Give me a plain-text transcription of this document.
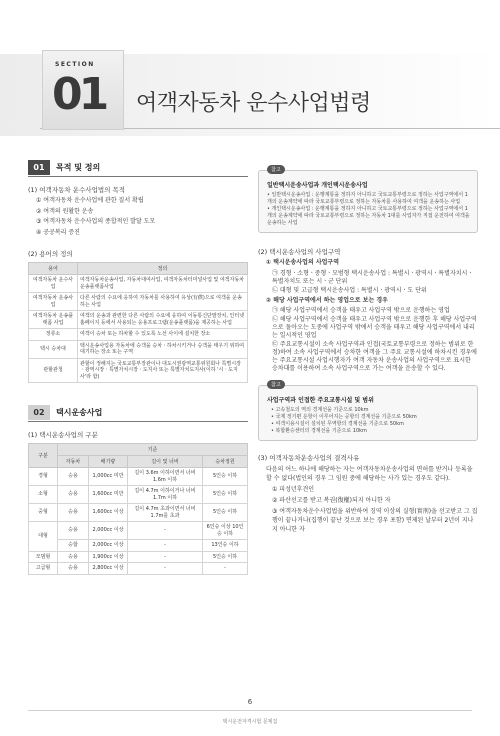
SECTION
01 여객자동차 운수사업법령
01	목적 및 정의
(1) 여객자동차 운수사업법의 목적
① 여객자동차 운수사업에 관한 질서 확립
② 여객의 원활한 운송
③ 여객자동차 운수사업의 종합적인 발달 도모
④ 공공복리 증진
(2) 용어의 정의
용어	정의
여객자동차 운수사업	여객자동차운송사업, 자동차대여사업, 여객자동차터미널사업 및 여객자동차운송플랫폼사업
여객자동차 운송사업	다른 사람의 수요에 응하여 자동차를 사용하여 유상(有償)으로 여객을 운송하는 사업
여객자동차 운송플랫폼 사업	여객의 운송과 관련한 다른 사람의 수요에 응하여 이동통신단말장치, 인터넷 홈페이지 등에서 사용되는 응용프로그램(운송플랫폼)을 제공하는 사업
정류소	여객이 승차 또는 하차할 수 있도록 노선 사이에 설치한 장소
택시 승차대	택시운송사업용 자동차에 승객을 승차ㆍ하차시키거나 승객을 태우기 위하여 대기하는 장소 또는 구역
관할관청	관할이 정해지는 국토교통부장관이나 대도시권광역교통위원회나 특별시장ㆍ광역시장ㆍ특별자치시장ㆍ도지사 또는 특별자치도지사(이하 '시ㆍ도지사'라 함)
02	택시운송사업
(1) 택시운송사업의 구분
구분	기준			
	자동차	배기량	길이 및 너비	승차정원
경형	승용	1,000cc 미만	길이 3.6m 이하이면서 너비 1.6m 이하	5인승 이하
소형	승용	1,600cc 미만	길이 4.7m 이하이거나 너비 1.7m 이하	5인승 이하
중형	승용	1,600cc 이상	길이 4.7m 초과이면서 너비 1.7m를 초과	5인승 이하
대형	승용	2,000cc 이상	-	6인승 이상 10인승 이하
	승합	2,000cc 이상	-	13인승 이하
모범형	승용	1,900cc 이상	-	5인승 이하
고급형	승용	2,800cc 이상	-	-
참고
일반택시운송사업과 개인택시운송사업
• 일반택시운송사업 : 운행계통을 정하지 아니하고 국토교통부령으로 정하는 사업구역에서 1개의 운송계약에 따라 국토교통부령으로 정하는 자동차를 사용하여 여객을 운송하는 사업
• 개인택시운송사업 : 운행계통을 정하지 아니하고 국토교통부령으로 정하는 사업구역에서 1개의 운송계약에 따라 국토교통부령으로 정하는 자동차 1대를 사업자가 직접 운전하여 여객을 운송하는 사업
(2) 택시운송사업의 사업구역
① 택시운송사업의 사업구역
㉠ 경형ㆍ소형ㆍ중형ㆍ모범형 택시운송사업 : 특별시ㆍ광역시ㆍ특별자치시ㆍ특별자치도 또는 시ㆍ군 단위
㉡ 대형 및 고급형 택시운송사업 : 특별시ㆍ광역시ㆍ도 단위
② 해당 사업구역에서 하는 영업으로 보는 경우
㉠ 해당 사업구역에서 승객을 태우고 사업구역 밖으로 운행하는 영업
㉡ 해당 사업구역에서 승객을 태우고 사업구역 밖으로 운행한 후 해당 사업구역으로 돌아오는 도중에 사업구역 밖에서 승객을 태우고 해당 사업구역에서 내리는 일시적인 영업
㉢ 주요교통시설이 소속 사업구역과 인접(국토교통부령으로 정하는 범위로 한정)하여 소속 사업구역에서 승차한 여객을 그 주요 교통시설에 하차시킨 경우에는 주요교통시설 사업시행자가 여객 자동차 운송사업의 사업구역으로 표시한 승차대를 이용하여 소속 사업구역으로 가는 여객을 운송할 수 있다.
참고
사업구역과 인접한 주요교통시설 및 범위
• 고속철도의 역의 경계선을 기준으로 10km
• 국제 정기편 운항이 이루어지는 공항의 경계선을 기준으로 50km
• 여객이용시설이 설치된 무역항의 경계선을 기준으로 50km
• 복합환승센터의 경계선을 기준으로 10km
(3) 여객자동차운송사업의 결격사유
다음의 어느 하나에 해당하는 자는 여객자동차운송사업의 면허를 받거나 등록을 할 수 없다(법인의 경우 그 임원 중에 해당하는 사가 있는 경우도 같다).
① 피성년후견인
② 파산선고를 받고 복권(復權)되지 아니한 자
③ 여객자동차운수사업법을 위반하여 징역 이상의 실형(實刑)을 선고받고 그 집행이 끝나거나(집행이 끝난 것으로 보는 경우 포함) 면제된 날부터 2년이 지나지 아니한 자
6
택시운전자격시험 문제집
